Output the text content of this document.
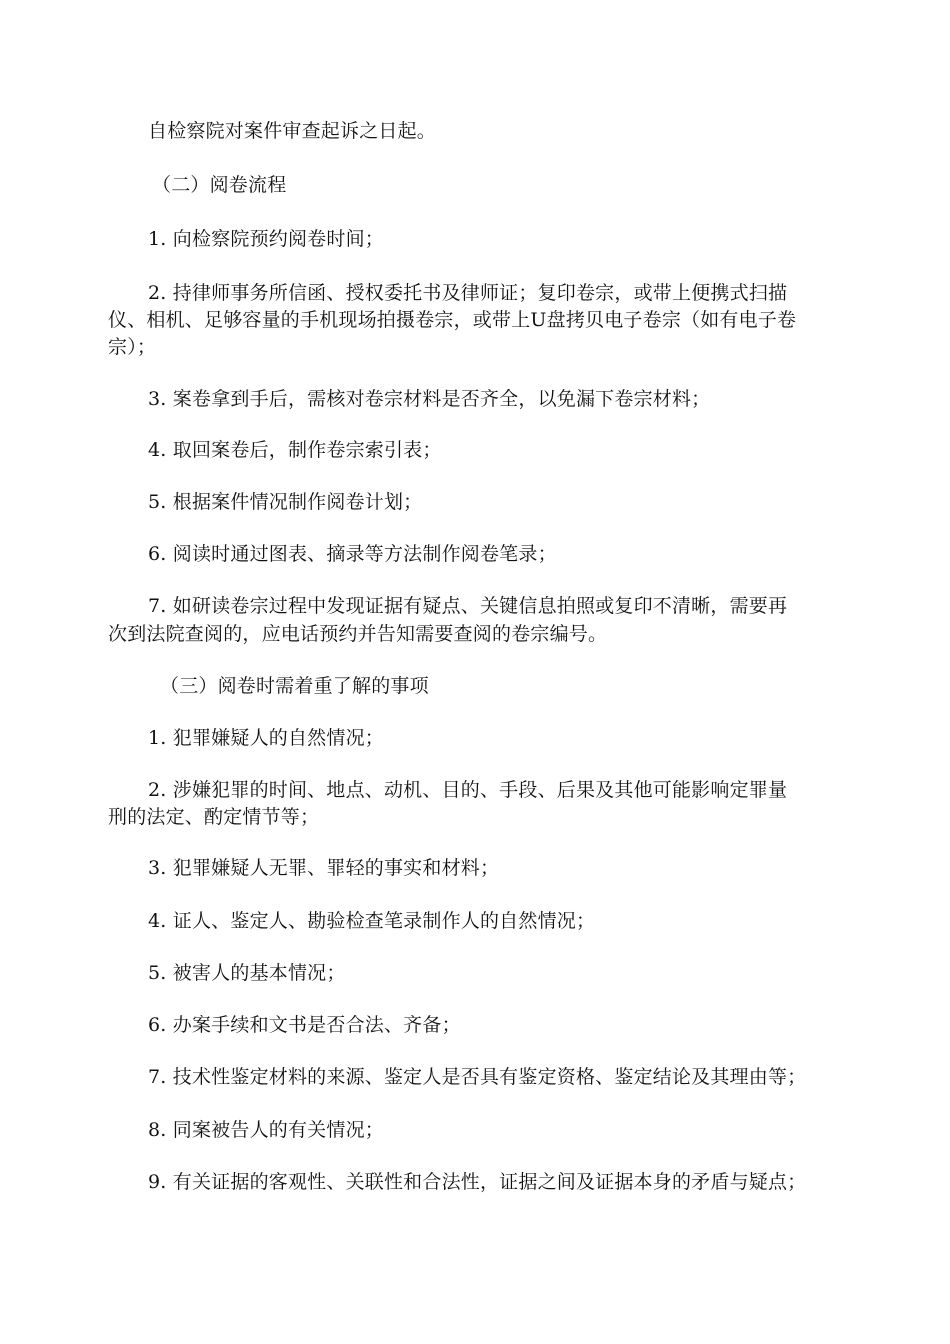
自检察院对案件审查起诉之日起。
（二）阅卷流程
1. 向检察院预约阅卷时间；
2. 持律师事务所信函、授权委托书及律师证；复印卷宗，或带上便携式扫描
仪、相机、足够容量的手机现场拍摄卷宗，或带上U盘拷贝电子卷宗（如有电子卷
宗）；
3. 案卷拿到手后，需核对卷宗材料是否齐全，以免漏下卷宗材料；
4. 取回案卷后，制作卷宗索引表；
5. 根据案件情况制作阅卷计划；
6. 阅读时通过图表、摘录等方法制作阅卷笔录；
7. 如研读卷宗过程中发现证据有疑点、关键信息拍照或复印不清晰，需要再
次到法院查阅的，应电话预约并告知需要查阅的卷宗编号。
（三）阅卷时需着重了解的事项
1. 犯罪嫌疑人的自然情况；
2. 涉嫌犯罪的时间、地点、动机、目的、手段、后果及其他可能影响定罪量
刑的法定、酌定情节等；
3. 犯罪嫌疑人无罪、罪轻的事实和材料；
4. 证人、鉴定人、勘验检查笔录制作人的自然情况；
5. 被害人的基本情况；
6. 办案手续和文书是否合法、齐备；
7. 技术性鉴定材料的来源、鉴定人是否具有鉴定资格、鉴定结论及其理由等；
8. 同案被告人的有关情况；
9. 有关证据的客观性、关联性和合法性，证据之间及证据本身的矛盾与疑点；
